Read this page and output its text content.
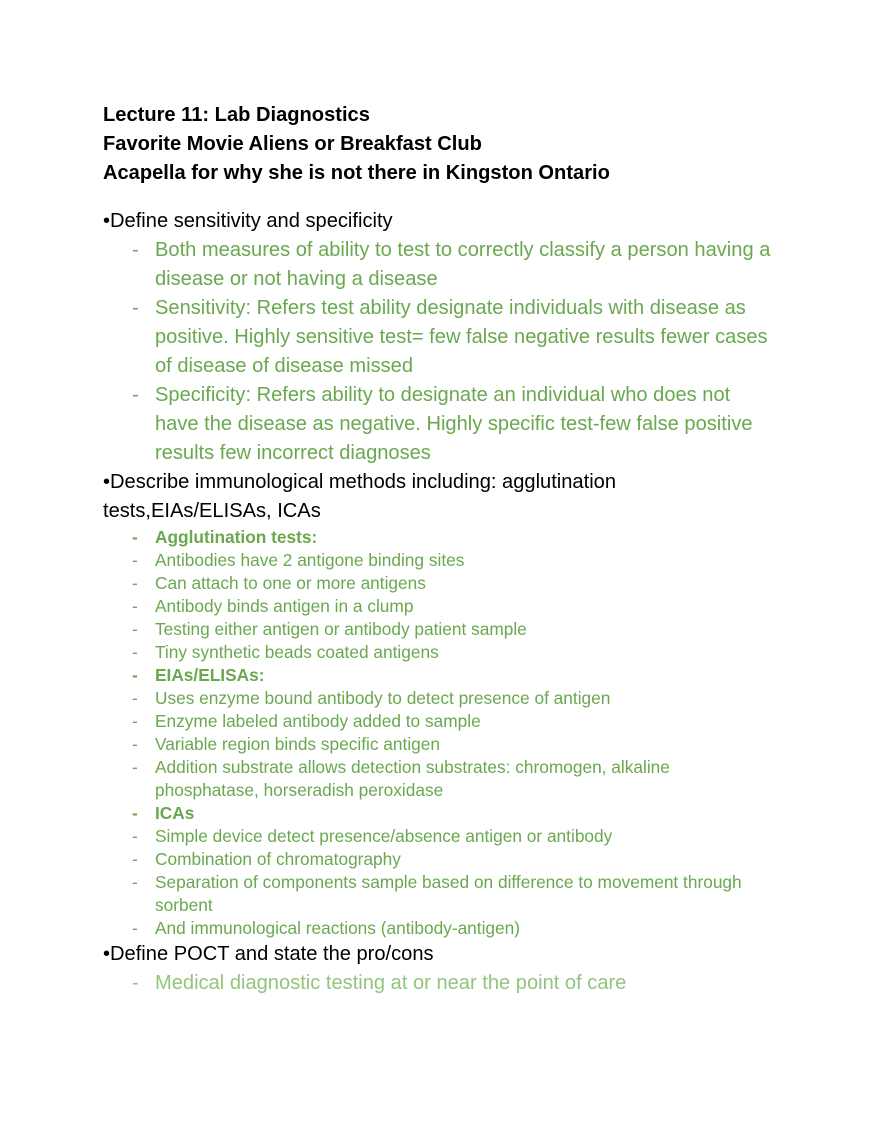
Lecture 11: Lab Diagnostics
Favorite Movie Aliens or Breakfast Club
Acapella for why she is not there in Kingston Ontario
•Define sensitivity and specificity
- Both measures of ability to test to correctly classify a person having a disease or not having a disease
- Sensitivity: Refers test ability designate individuals with disease as positive. Highly sensitive test= few false negative results fewer cases of disease of disease missed
- Specificity: Refers ability to designate an individual who does not have the disease as negative. Highly specific test-few false positive results few incorrect diagnoses
•Describe immunological methods including: agglutination tests,EIAs/ELISAs, ICAs
- Agglutination tests:
- Antibodies have 2 antigone binding sites
- Can attach to one or more antigens
- Antibody binds antigen in a clump
- Testing either antigen or antibody patient sample
- Tiny synthetic beads coated antigens
- EIAs/ELISAs:
- Uses enzyme bound antibody to detect presence of antigen
- Enzyme labeled antibody added to sample
- Variable region binds specific antigen
- Addition substrate allows detection substrates: chromogen, alkaline phosphatase, horseradish peroxidase
- ICAs
- Simple device detect presence/absence antigen or antibody
- Combination of chromatography
- Separation of components sample based on difference to movement through sorbent
- And immunological reactions (antibody-antigen)
•Define POCT and state the pro/cons
- Medical diagnostic testing at or near the point of care
